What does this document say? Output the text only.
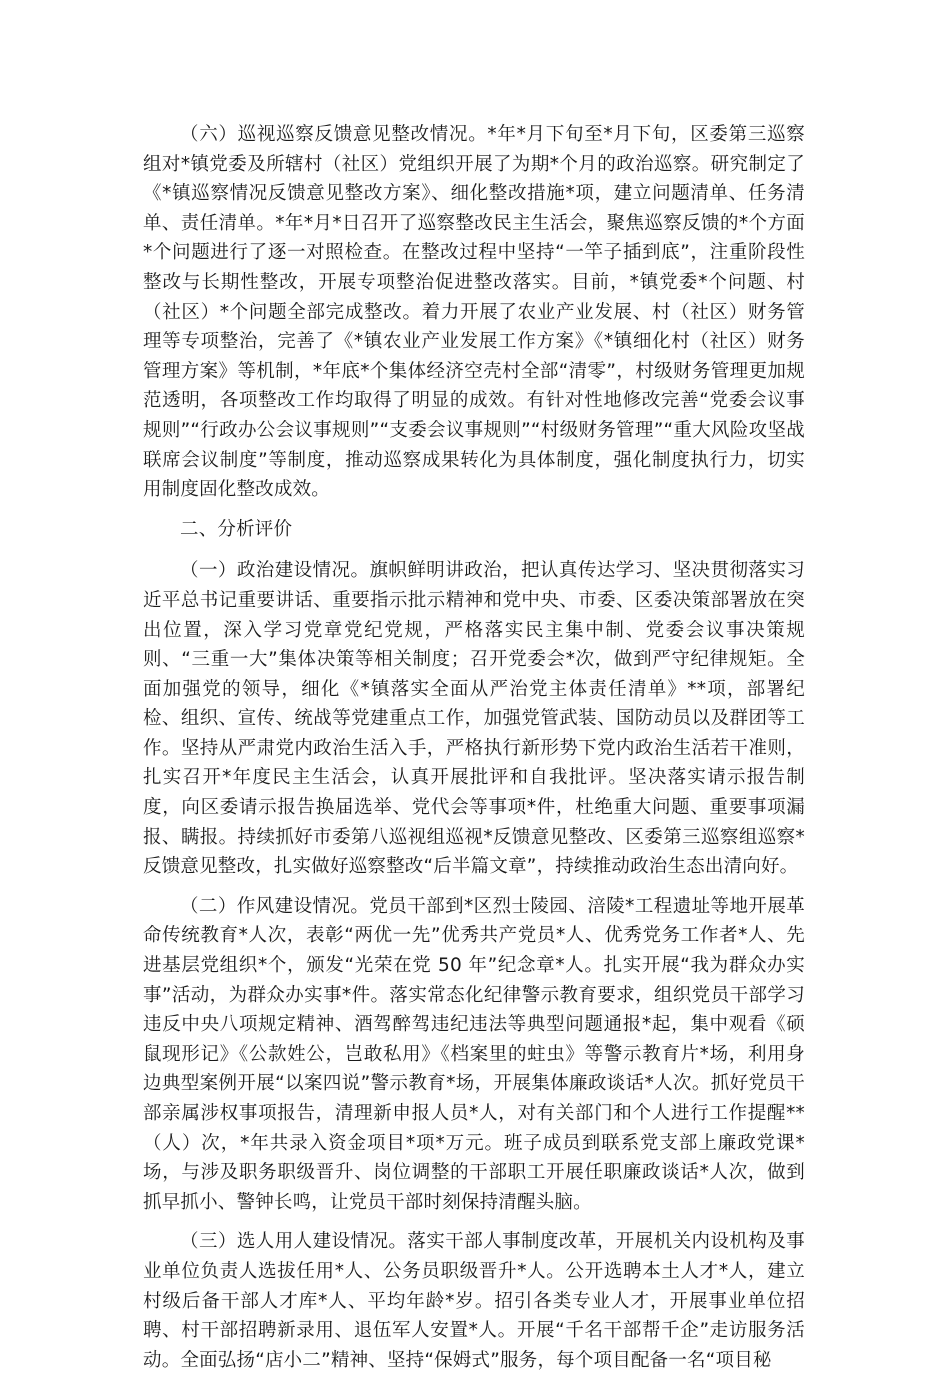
（六）巡视巡察反馈意见整改情况。*年*月下旬至*月下旬，区委第三巡察组对*镇党委及所辖村（社区）党组织开展了为期*个月的政治巡察。研究制定了《*镇巡察情况反馈意见整改方案》、细化整改措施*项，建立问题清单、任务清单、责任清单。*年*月*日召开了巡察整改民主生活会，聚焦巡察反馈的*个方面*个问题进行了逐一对照检查。在整改过程中坚持“一竿子插到底”，注重阶段性整改与长期性整改，开展专项整治促进整改落实。目前，*镇党委*个问题、村（社区）*个问题全部完成整改。着力开展了农业产业发展、村（社区）财务管理等专项整治，完善了《*镇农业产业发展工作方案》《*镇细化村（社区）财务管理方案》等机制，*年底*个集体经济空壳村全部“清零”，村级财务管理更加规范透明，各项整改工作均取得了明显的成效。有针对性地修改完善“党委会议事规则”“行政办公会议事规则”“支委会议事规则”“村级财务管理”“重大风险攻坚战联席会议制度”等制度，推动巡察成果转化为具体制度，强化制度执行力，切实用制度固化整改成效。

二、分析评价

（一）政治建设情况。旗帜鲜明讲政治，把认真传达学习、坚决贯彻落实习近平总书记重要讲话、重要指示批示精神和党中央、市委、区委决策部署放在突出位置，深入学习党章党纪党规，严格落实民主集中制、党委会议事决策规则、“三重一大”集体决策等相关制度；召开党委会*次，做到严守纪律规矩。全面加强党的领导，细化《*镇落实全面从严治党主体责任清单》**项，部署纪检、组织、宣传、统战等党建重点工作，加强党管武装、国防动员以及群团等工作。坚持从严肃党内政治生活入手，严格执行新形势下党内政治生活若干准则，扎实召开*年度民主生活会，认真开展批评和自我批评。坚决落实请示报告制度，向区委请示报告换届选举、党代会等事项*件，杜绝重大问题、重要事项漏报、瞒报。持续抓好市委第八巡视组巡视*反馈意见整改、区委第三巡察组巡察*反馈意见整改，扎实做好巡察整改“后半篇文章”，持续推动政治生态出清向好。

（二）作风建设情况。党员干部到*区烈士陵园、涪陵*工程遗址等地开展革命传统教育*人次，表彰“两优一先”优秀共产党员*人、优秀党务工作者*人、先进基层党组织*个，颁发“光荣在党 50 年”纪念章*人。扎实开展“我为群众办实事”活动，为群众办实事*件。落实常态化纪律警示教育要求，组织党员干部学习违反中央八项规定精神、酒驾醉驾违纪违法等典型问题通报*起，集中观看《硕鼠现形记》《公款姓公，岂敢私用》《档案里的蛀虫》等警示教育片*场，利用身边典型案例开展“以案四说”警示教育*场，开展集体廉政谈话*人次。抓好党员干部亲属涉权事项报告，清理新申报人员*人，对有关部门和个人进行工作提醒**（人）次，*年共录入资金项目*项*万元。班子成员到联系党支部上廉政党课*场，与涉及职务职级晋升、岗位调整的干部职工开展任职廉政谈话*人次，做到抓早抓小、警钟长鸣，让党员干部时刻保持清醒头脑。

（三）选人用人建设情况。落实干部人事制度改革，开展机关内设机构及事业单位负责人选拔任用*人、公务员职级晋升*人。公开选聘本土人才*人，建立村级后备干部人才库*人、平均年龄*岁。招引各类专业人才，开展事业单位招聘、村干部招聘新录用、退伍军人安置*人。开展“千名干部帮千企”走访服务活动。全面弘扬“店小二”精神、坚持“保姆式”服务，每个项目配备一名“项目秘
